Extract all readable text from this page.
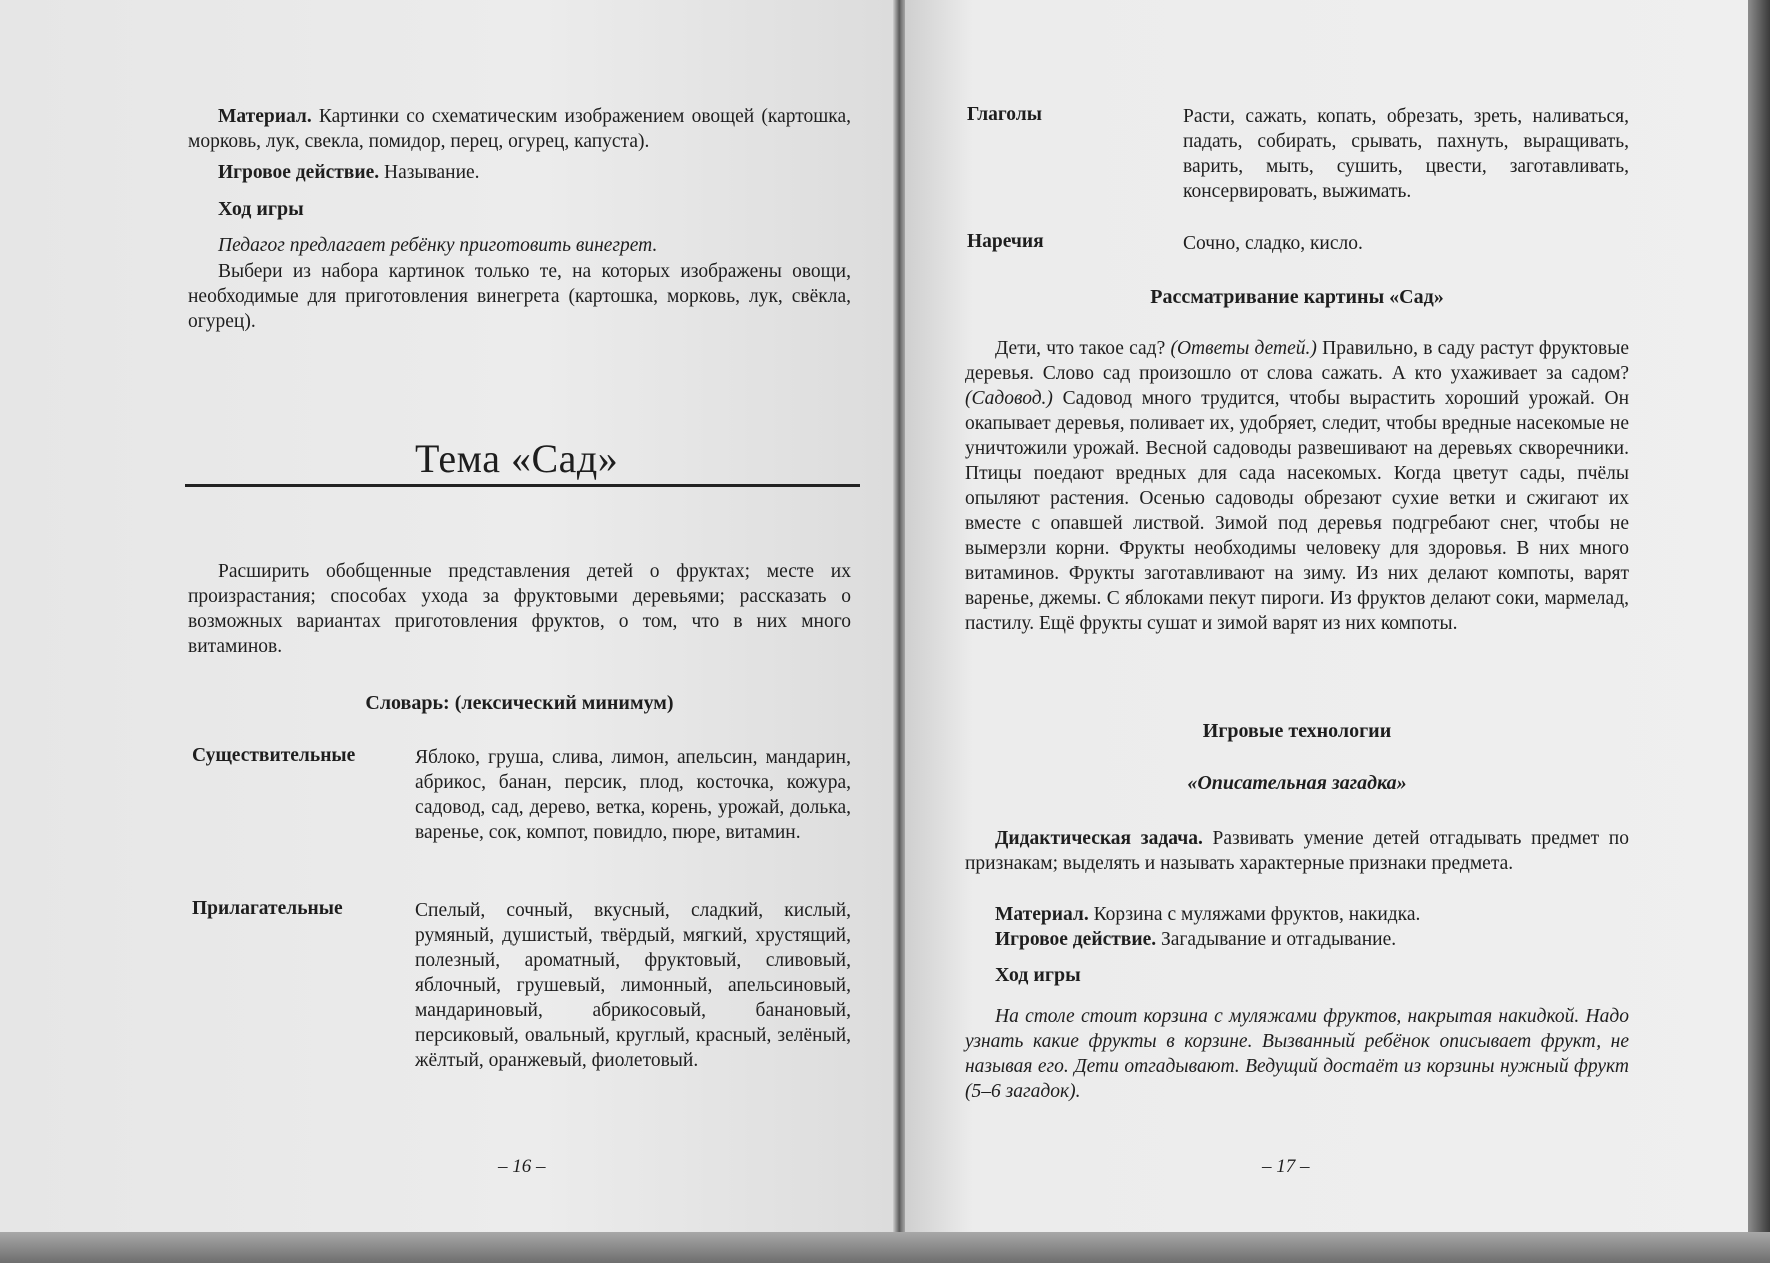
Материал. Картинки со схематическим изображением овощей (картошка, морковь, лук, свекла, помидор, перец, огурец, капуста).

Игровое действие. Называние.

Ход игры

Педагог предлагает ребёнку приготовить винегрет.

Выбери из набора картинок только те, на которых изображены овощи, необходимые для приготовления винегрета (картошка, морковь, лук, свёкла, огурец).

Тема «Сад»

Расширить обобщенные представления детей о фруктах; месте их произрастания; способах ухода за фруктовыми деревьями; рассказать о возможных вариантах приготовления фруктов, о том, что в них много витаминов.

Словарь: (лексический минимум)
Существительные	Яблоко, груша, слива, лимон, апельсин, мандарин, абрикос, банан, персик, плод, косточка, кожура, садовод, сад, дерево, ветка, корень, урожай, долька, варенье, сок, компот, повидло, пюре, витамин.

Прилагательные	Спелый, сочный, вкусный, сладкий, кислый, румяный, душистый, твёрдый, мягкий, хрустящий, полезный, ароматный, фруктовый, сливовый, яблочный, грушевый, лимонный, апельсиновый, мандариновый, абрикосовый, банановый, персиковый, овальный, круглый, красный, зелёный, жёлтый, оранжевый, фиолетовый.

– 16 –
Глаголы	Расти, сажать, копать, обрезать, зреть, наливаться, падать, собирать, срывать, пахнуть, выращивать, варить, мыть, сушить, цвести, заготавливать, консервировать, выжимать.

Наречия	Сочно, сладко, кисло.

Рассматривание картины «Сад»

Дети, что такое сад? (Ответы детей.) Правильно, в саду растут фруктовые деревья. Слово сад произошло от слова сажать. А кто ухаживает за садом? (Садовод.) Садовод много трудится, чтобы вырастить хороший урожай. Он окапывает деревья, поливает их, удобряет, следит, чтобы вредные насекомые не уничтожили урожай. Весной садоводы развешивают на деревьях скворечники. Птицы поедают вредных для сада насекомых. Когда цветут сады, пчёлы опыляют растения. Осенью садоводы обрезают сухие ветки и сжигают их вместе с опавшей листвой. Зимой под деревья подгребают снег, чтобы не вымерзли корни. Фрукты необходимы человеку для здоровья. В них много витаминов. Фрукты заготавливают на зиму. Из них делают компоты, варят варенье, джемы. С яблоками пекут пироги. Из фруктов делают соки, мармелад, пастилу. Ещё фрукты сушат и зимой варят из них компоты.

Игровые технологии
«Описательная загадка»

Дидактическая задача. Развивать умение детей отгадывать предмет по признакам; выделять и называть характерные признаки предмета.

Материал. Корзина с муляжами фруктов, накидка.

Игровое действие. Загадывание и отгадывание.

Ход игры

На столе стоит корзина с муляжами фруктов, накрытая накидкой. Надо узнать какие фрукты в корзине. Вызванный ребёнок описывает фрукт, не называя его. Дети отгадывают. Ведущий достаёт из корзины нужный фрукт (5–6 загадок).

– 17 –
